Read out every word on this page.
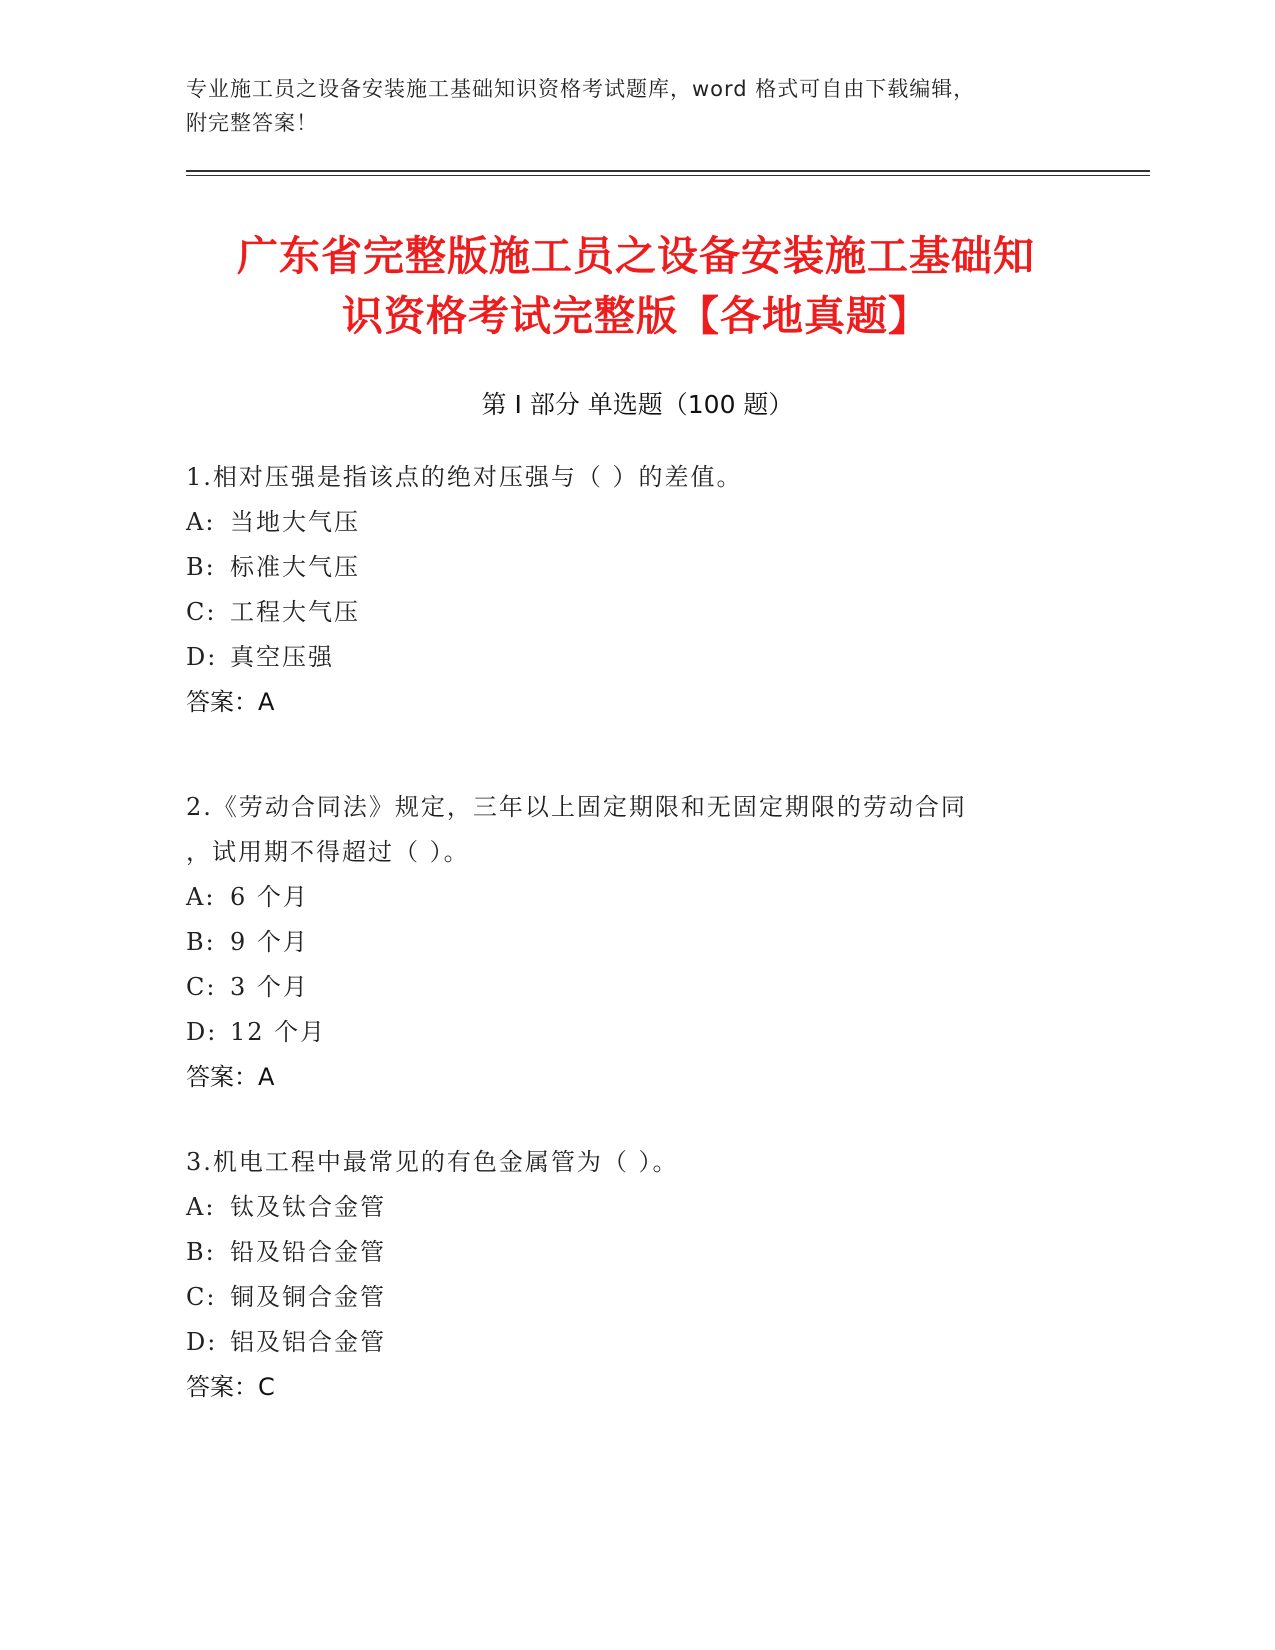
专业施工员之设备安装施工基础知识资格考试题库，word 格式可自由下载编辑，
附完整答案！
广东省完整版施工员之设备安装施工基础知
识资格考试完整版【各地真题】
第 I 部分 单选题（100 题）
1.相对压强是指该点的绝对压强与（ ）的差值。
A: 当地大气压
B: 标准大气压
C: 工程大气压
D: 真空压强
答案：A
2.《劳动合同法》规定，三年以上固定期限和无固定期限的劳动合同
，试用期不得超过（ ）。
A: 6 个月
B: 9 个月
C: 3 个月
D: 12 个月
答案：A
3.机电工程中最常见的有色金属管为（ ）。
A: 钛及钛合金管
B: 铅及铅合金管
C: 铜及铜合金管
D: 铝及铝合金管
答案：C
